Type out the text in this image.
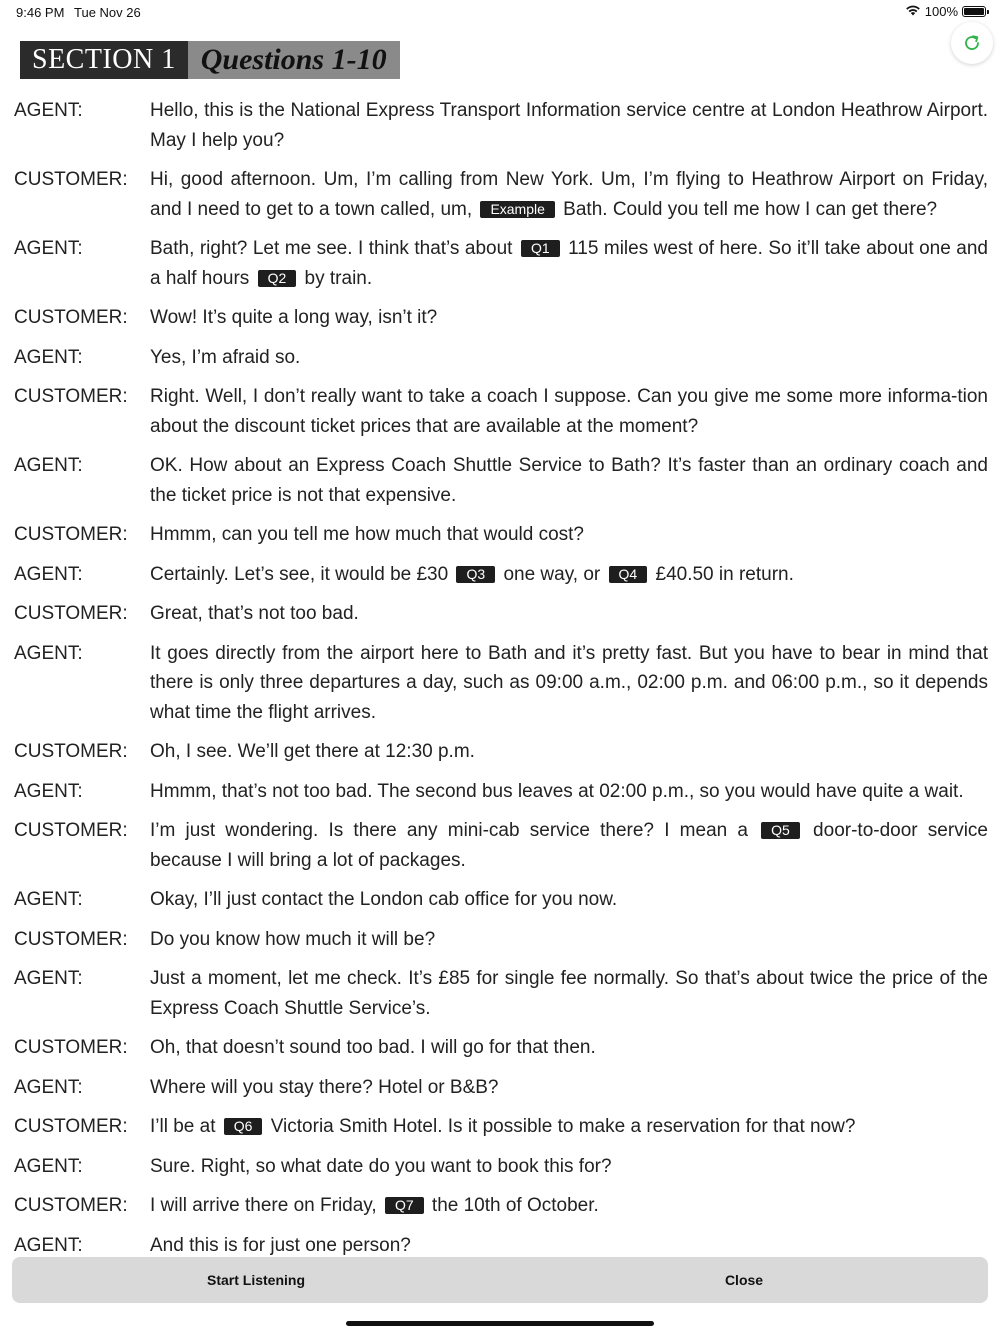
9:46 PM Tue Nov 26	100%
SECTION 1 Questions 1-10
AGENT:	Hello, this is the National Express Transport Information service centre at London Heathrow Airport. May I help you?
CUSTOMER:	Hi, good afternoon. Um, I’m calling from New York. Um, I’m flying to Heathrow Airport on Friday, and I need to get to a town called, um, Example Bath. Could you tell me how I can get there?
AGENT:	Bath, right? Let me see. I think that’s about Q1 115 miles west of here. So it’ll take about one and a half hours Q2 by train.
CUSTOMER:	Wow! It’s quite a long way, isn’t it?
AGENT:	Yes, I’m afraid so.
CUSTOMER:	Right. Well, I don’t really want to take a coach I suppose. Can you give me some more informa-tion about the discount ticket prices that are available at the moment?
AGENT:	OK. How about an Express Coach Shuttle Service to Bath? It’s faster than an ordinary coach and the ticket price is not that expensive.
CUSTOMER:	Hmmm, can you tell me how much that would cost?
AGENT:	Certainly. Let’s see, it would be £30 Q3 one way, or Q4 £40.50 in return.
CUSTOMER:	Great, that’s not too bad.
AGENT:	It goes directly from the airport here to Bath and it’s pretty fast. But you have to bear in mind that there is only three departures a day, such as 09:00 a.m., 02:00 p.m. and 06:00 p.m., so it depends what time the flight arrives.
CUSTOMER:	Oh, I see. We’ll get there at 12:30 p.m.
AGENT:	Hmmm, that’s not too bad. The second bus leaves at 02:00 p.m., so you would have quite a wait.
CUSTOMER:	I’m just wondering. Is there any mini-cab service there? I mean a Q5 door-to-door service because I will bring a lot of packages.
AGENT:	Okay, I’ll just contact the London cab office for you now.
CUSTOMER:	Do you know how much it will be?
AGENT:	Just a moment, let me check. It’s £85 for single fee normally. So that’s about twice the price of the Express Coach Shuttle Service’s.
CUSTOMER:	Oh, that doesn’t sound too bad. I will go for that then.
AGENT:	Where will you stay there? Hotel or B&B?
CUSTOMER:	I’ll be at Q6 Victoria Smith Hotel. Is it possible to make a reservation for that now?
AGENT:	Sure. Right, so what date do you want to book this for?
CUSTOMER:	I will arrive there on Friday, Q7 the 10th of October.
AGENT:	And this is for just one person?
Start Listening	Close
